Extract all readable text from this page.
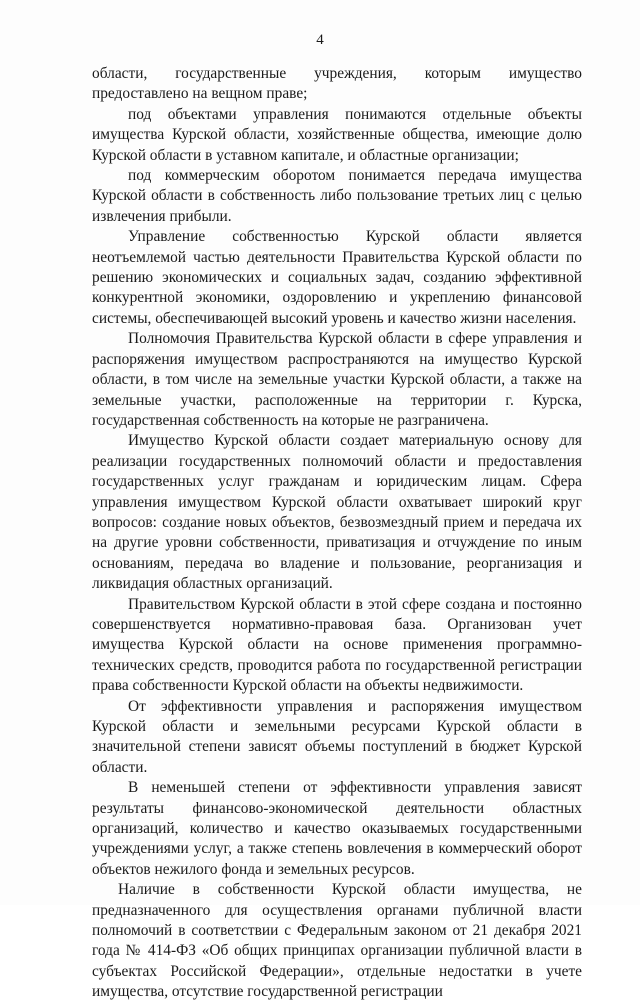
4

области, государственные учреждения, которым имущество предоставлено на вещном праве;

под объектами управления понимаются отдельные объекты имущества Курской области, хозяйственные общества, имеющие долю Курской области в уставном капитале, и областные организации;

под коммерческим оборотом понимается передача имущества Курской области в собственность либо пользование третьих лиц с целью извлечения прибыли.

Управление собственностью Курской области является неотъемлемой частью деятельности Правительства Курской области по решению экономических и социальных задач, созданию эффективной конкурентной экономики, оздоровлению и укреплению финансовой системы, обеспечивающей высокий уровень и качество жизни населения.

Полномочия Правительства Курской области в сфере управления и распоряжения имуществом распространяются на имущество Курской области, в том числе на земельные участки Курской области, а также на земельные участки, расположенные на территории г. Курска, государственная собственность на которые не разграничена.

Имущество Курской области создает материальную основу для реализации государственных полномочий области и предоставления государственных услуг гражданам и юридическим лицам. Сфера управления имуществом Курской области охватывает широкий круг вопросов: создание новых объектов, безвозмездный прием и передача их на другие уровни собственности, приватизация и отчуждение по иным основаниям, передача во владение и пользование, реорганизация и ликвидация областных организаций.

Правительством Курской области в этой сфере создана и постоянно совершенствуется нормативно-правовая база. Организован учет имущества Курской области на основе применения программно-технических средств, проводится работа по государственной регистрации права собственности Курской области на объекты недвижимости.

От эффективности управления и распоряжения имуществом Курской области и земельными ресурсами Курской области в значительной степени зависят объемы поступлений в бюджет Курской области.

В неменьшей степени от эффективности управления зависят результаты финансово-экономической деятельности областных организаций, количество и качество оказываемых государственными учреждениями услуг, а также степень вовлечения в коммерческий оборот объектов нежилого фонда и земельных ресурсов.

Наличие в собственности Курской области имущества, не предназначенного для осуществления органами публичной власти полномочий в соответствии с Федеральным законом от 21 декабря 2021 года № 414-ФЗ «Об общих принципах организации публичной власти в субъектах Российской Федерации», отдельные недостатки в учете имущества, отсутствие государственной регистрации
